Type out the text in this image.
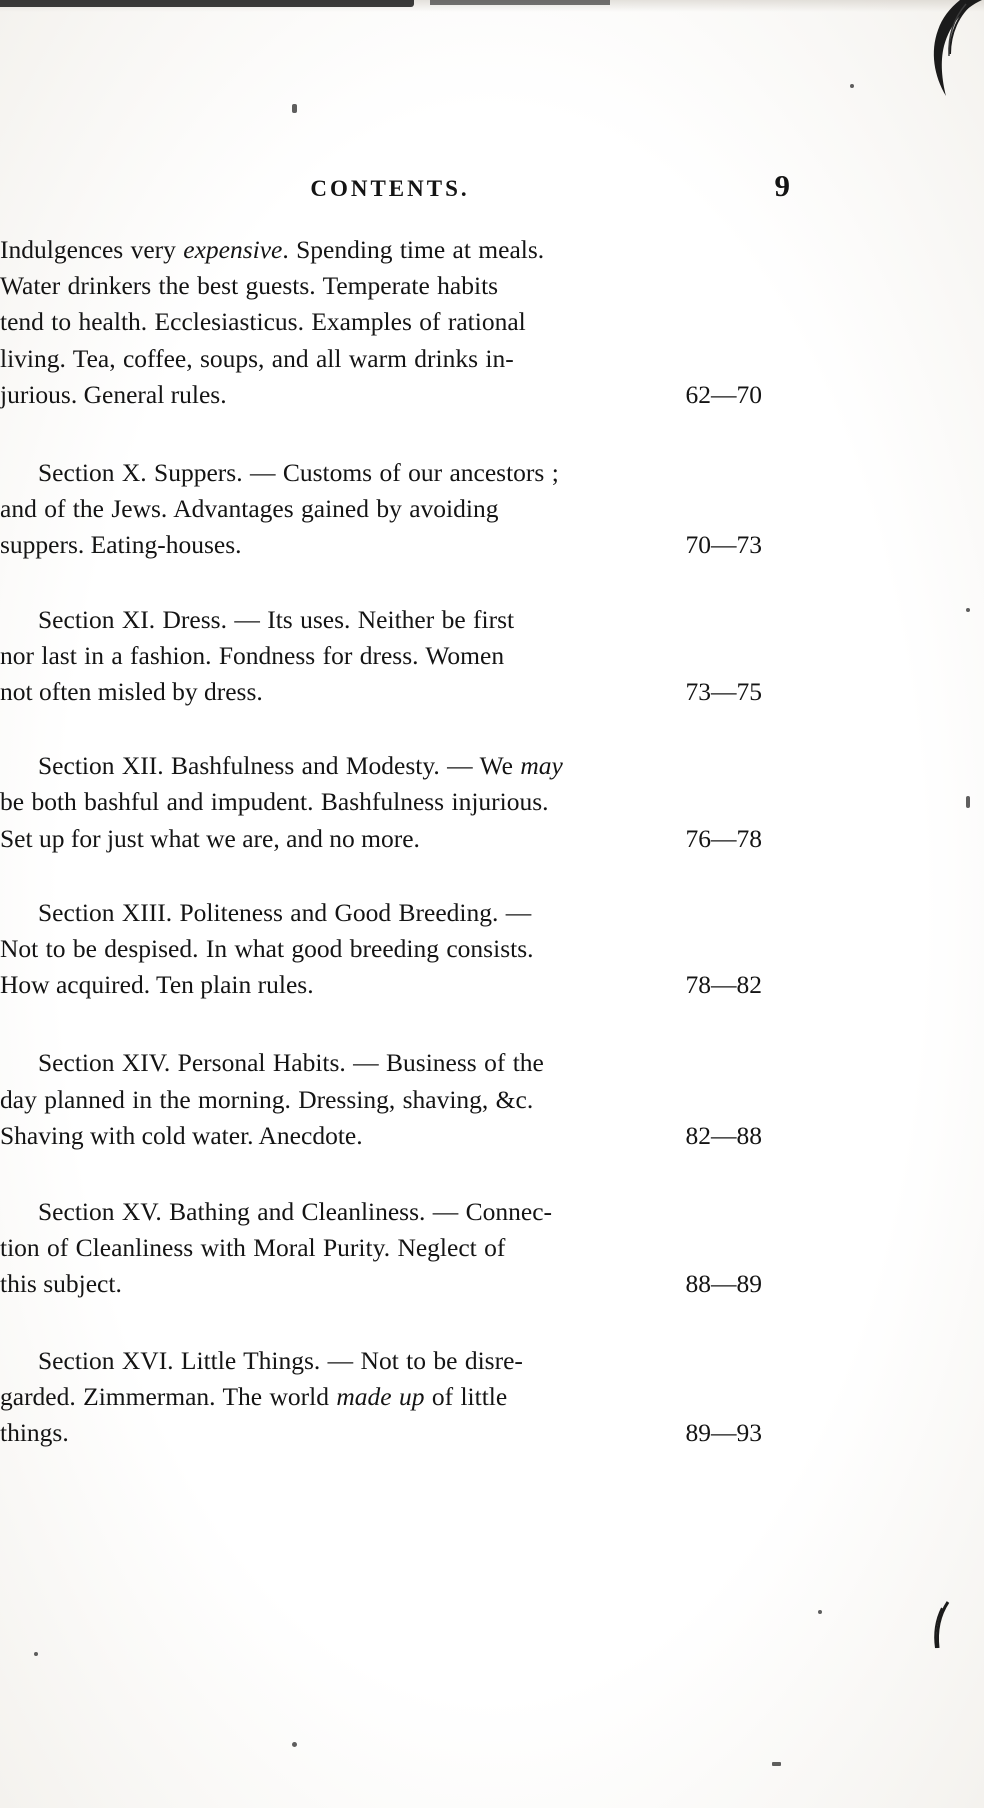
CONTENTS.	9

Indulgences very expensive. Spending time at meals.

Water drinkers the best guests. Temperate habits

tend to health. Ecclesiasticus. Examples of rational

living. Tea, coffee, soups, and all warm drinks in-

jurious. General rules.	62—70

Section X. Suppers. — Customs of our ancestors ;

and of the Jews. Advantages gained by avoiding

suppers. Eating-houses.	70—73

Section XI. Dress. — Its uses. Neither be first

nor last in a fashion. Fondness for dress. Women

not often misled by dress.	73—75

Section XII. Bashfulness and Modesty. — We may

be both bashful and impudent. Bashfulness injurious.

Set up for just what we are, and no more.	76—78

Section XIII. Politeness and Good Breeding. —

Not to be despised. In what good breeding consists.

How acquired. Ten plain rules.	78—82

Section XIV. Personal Habits. — Business of the

day planned in the morning. Dressing, shaving, &c.

Shaving with cold water. Anecdote.	82—88

Section XV. Bathing and Cleanliness. — Connec-

tion of Cleanliness with Moral Purity. Neglect of

this subject.	88—89

Section XVI. Little Things. — Not to be disre-

garded. Zimmerman. The world made up of little

things.	89—93
